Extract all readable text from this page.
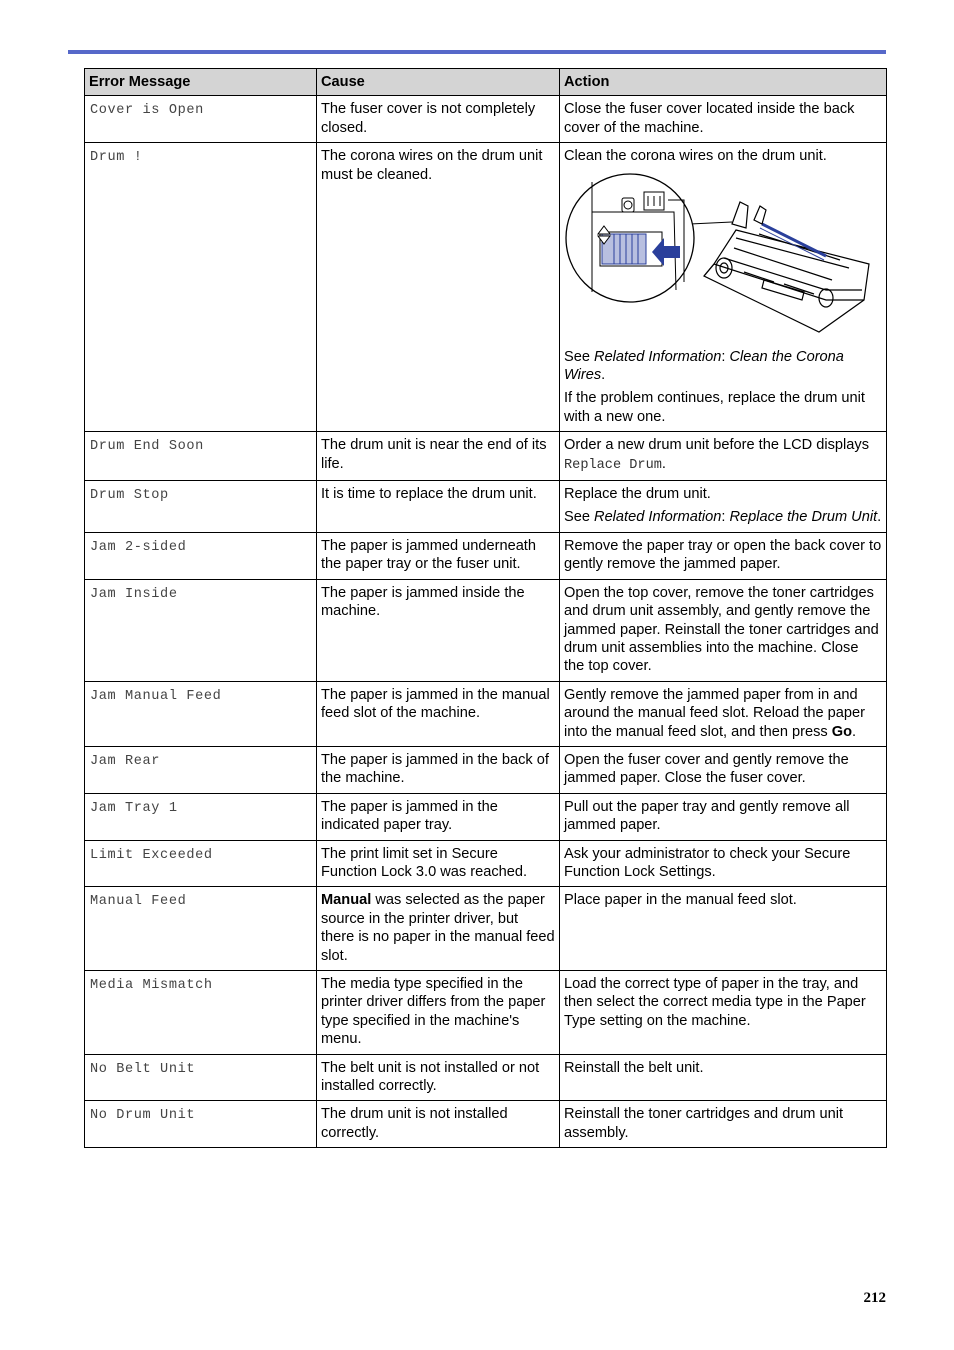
Error Message	Cause	Action
Cover is Open	The fuser cover is not completely closed.	Close the fuser cover located inside the back cover of the machine.
Drum !	The corona wires on the drum unit must be cleaned.	Clean the corona wires on the drum unit.

See Related Information: Clean the Corona Wires.

If the problem continues, replace the drum unit with a new one.

Drum End Soon	The drum unit is near the end of its life.	Order a new drum unit before the LCD displays Replace Drum.
Drum Stop	It is time to replace the drum unit.	Replace the drum unit.

See Related Information: Replace the Drum Unit.

Jam 2-sided	The paper is jammed underneath the paper tray or the fuser unit.	Remove the paper tray or open the back cover to gently remove the jammed paper.
Jam Inside	The paper is jammed inside the machine.	Open the top cover, remove the toner cartridges and drum unit assembly, and gently remove the jammed paper. Reinstall the toner cartridges and drum unit assemblies into the machine. Close the top cover.
Jam Manual Feed	The paper is jammed in the manual feed slot of the machine.	Gently remove the jammed paper from in and around the manual feed slot. Reload the paper into the manual feed slot, and then press Go.
Jam Rear	The paper is jammed in the back of the machine.	Open the fuser cover and gently remove the jammed paper. Close the fuser cover.
Jam Tray 1	The paper is jammed in the indicated paper tray.	Pull out the paper tray and gently remove all jammed paper.
Limit Exceeded	The print limit set in Secure Function Lock 3.0 was reached.	Ask your administrator to check your Secure Function Lock Settings.
Manual Feed	Manual was selected as the paper source in the printer driver, but there is no paper in the manual feed slot.	Place paper in the manual feed slot.
Media Mismatch	The media type specified in the printer driver differs from the paper type specified in the machine's menu.	Load the correct type of paper in the tray, and then select the correct media type in the Paper Type setting on the machine.
No Belt Unit	The belt unit is not installed or not installed correctly.	Reinstall the belt unit.
No Drum Unit	The drum unit is not installed correctly.	Reinstall the toner cartridges and drum unit assembly.
212
